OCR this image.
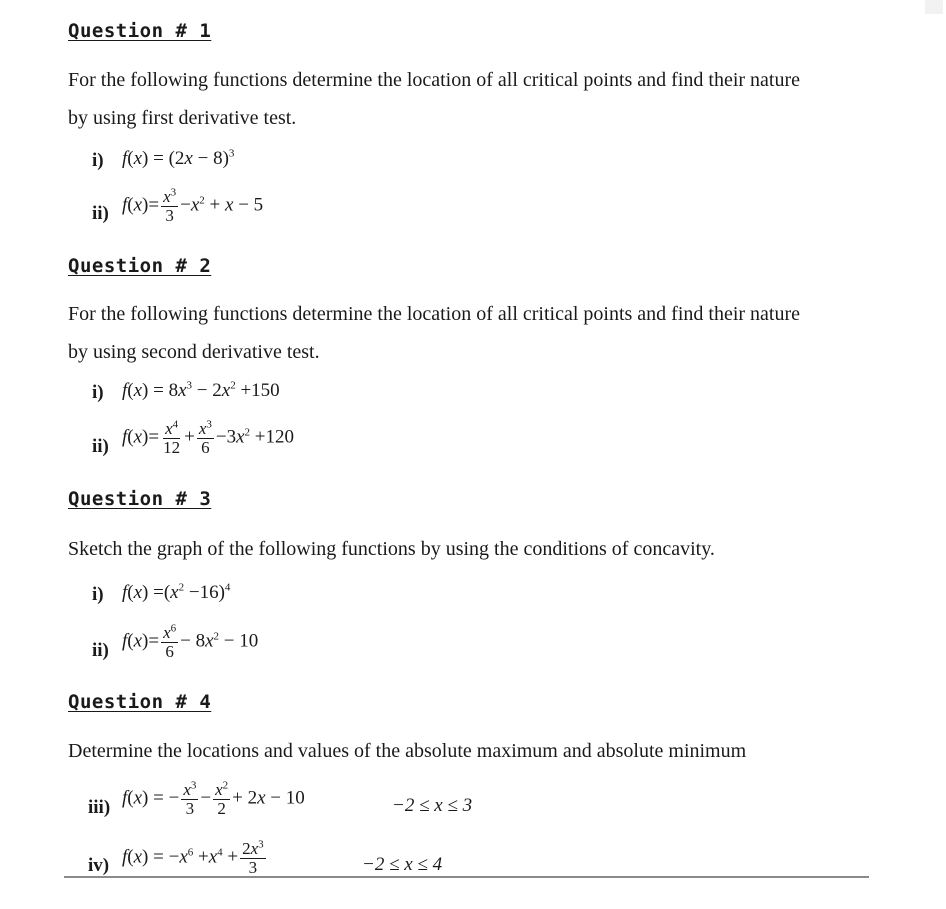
Question # 1
For the following functions determine the location of all critical points and find their nature
by using first derivative test.
i) $f(x) = (2x - 8)^3$
ii) $f(x)= \frac{x^3}{3} -x^2 + x - 5$
Question # 2
For the following functions determine the location of all critical points and find their nature
by using second derivative test.
i) $f(x) = 8x^3 - 2x^2 +150$
ii) $f(x)= \frac{x^4}{12} + \frac{x^3}{6} -3x^2 +120$
Question # 3
Sketch the graph of the following functions by using the conditions of concavity.
i) $f(x) =(x^2 -16)^4$
ii) $f(x)= \frac{x^6}{6} - 8x^2 - 10$
Question # 4
Determine the locations and values of the absolute maximum and absolute minimum
iii) f(x) = − $\frac{x^3}{3} - \frac{x^2}{2} + 2x - 10$	−2 ≤ x ≤ 3
iv) $f(x) = -x^6 +x^4 + \frac{2x^3}{3}$	−2 ≤ x ≤ 4
